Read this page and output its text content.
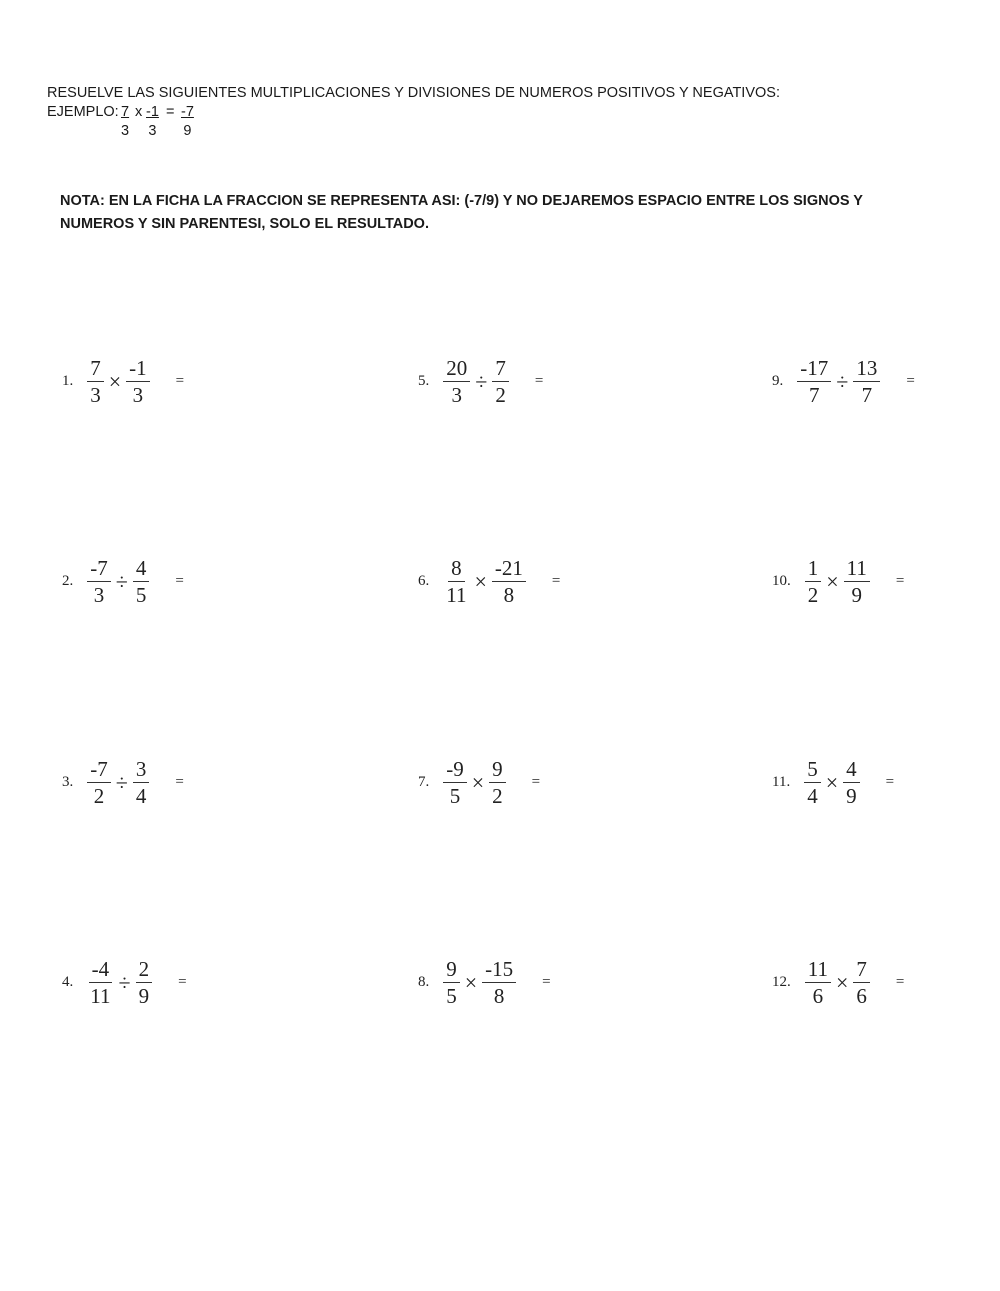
RESUELVE LAS SIGUIENTES MULTIPLICACIONES Y DIVISIONES DE NUMEROS POSITIVOS Y NEGATIVOS:
EJEMPLO: $\frac{7}{3}$ x $\frac{-1}{3} = \frac{-7}{9}$
NOTA: EN LA FICHA LA FRACCION SE REPRESENTA ASI: (-7/9) Y NO DEJAREMOS ESPACIO ENTRE LOS SIGNOS Y NUMEROS Y SIN PARENTESI, SOLO EL RESULTADO.
1. $\frac{7}{3} \times \frac{-1}{3}$ =
2. $\frac{-7}{3} \div \frac{4}{5}$ =
3. $\frac{-7}{2} \div \frac{3}{4}$ =
4. $\frac{-4}{11} \div \frac{2}{9}$ =
5. $\frac{20}{3} \div \frac{7}{2}$ =
6. $\frac{8}{11} \times \frac{-21}{8}$ =
7. $\frac{-9}{5} \times \frac{9}{2}$ =
8. $\frac{9}{5} \times \frac{-15}{8}$ =
9. $\frac{-17}{7} \div \frac{13}{7}$ =
10. $\frac{1}{2} \times \frac{11}{9}$ =
11. $\frac{5}{4} \times \frac{4}{9}$ =
12. $\frac{11}{6} \times \frac{7}{6}$ =
